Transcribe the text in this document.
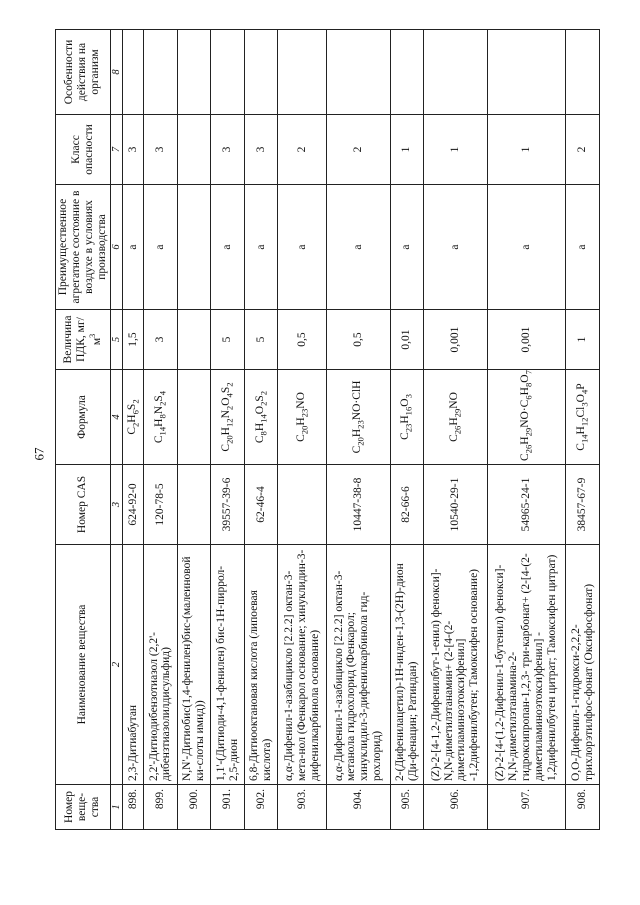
67
Номер веще-ства	Наименование вещества	Номер CAS	Формула	Величина ПДК, $мг/м^3$	Преимущественное агрегатное состояние в воздухе в условиях производства	Класс опасности	Особенности действия на организм
1	2	3	4	5	6	7	8
898.	2,3-Дитиабутан	624-92-0	$C_2H_6S_2$	1,5	а	3	
899.	2,2'-Дитиодибензотиазол (2,2'-дибензтиазолилдисульфид)	120-78-5	$C_{14}H_8N_2S_4$	3	а	3	
900.	N,N'-Дитиобис(1,4-фенилен)бис-(малеиновой ки-слоты имид))						
901.	1,1'-(Дитиоди-4,1-фенилен) бис-1Н-пиррол- 2,5-дион	39557-39-6	$C_{20}H_{12}N_2O_4S_2$	5	а	3	
902.	6,8-Дитиооктановая кислота (липоевая кислота)	62-46-4	$C_8H_{14}O_2S_2$	5	а	3	
903.	α,α-Дифенил-1-азабицикло [2.2.2] октан-3- мета-нол (Фенкарол основание; хинуклидин-3-дифенилкарбинола основание)		$C_{20}H_{23}NO$	0,5	а	2	
904.	α,α-Дифенил-1-азабицикло [2.2.2] октан-3-метанола гидрохлорид (Фенкарол; хинуклидил-3-дифенилкарбинола гид-рохлорид)	10447-38-8	$C_{20}H_{23}NO\cdot ClH$	0,5	а	2	
905.	2-(Дифенилацетил)-1Н-инден-1,3-(2Н)-дион (Ди-фенацин; Ратиндан)	82-66-6	$C_{23}H_{16}O_3$	0,01	а	1	
906.	(Z)-2-[4-1,2-Дифенилбут-1-енил) фенокси]-N,N-диметилэтанамин+ (2-[4-(2-диметиламиноэтокси)фенил] -1,2дифенилбутен; Тамоксифен основание)	10540-29-1	$C_{26}H_{29}NO$	0,001	а	1	
907.	(Z)-2-[4-(1,2-Дифенил-1-бутенил) фенокси]-N,N-диметилэтанамина-2-гидроксипропан-1,2,3- три-карбонат+ (2-[4-(2-диметиламиноэтокси)фенил] - 1,2дифенилбутен цитрат; Тамоксифен цитрат)	54965-24-1	$C_{26}H_{29}NO\cdot C_6H_8O_7$	0,001	а	1	
908.	О,О-Дифенил-1-гидрокси-2,2,2- трихлорэтилфос-фонат (Оксифосфонат)	38457-67-9	$C_{14}H_{12}Cl_3O_4P$	1	а	2	
